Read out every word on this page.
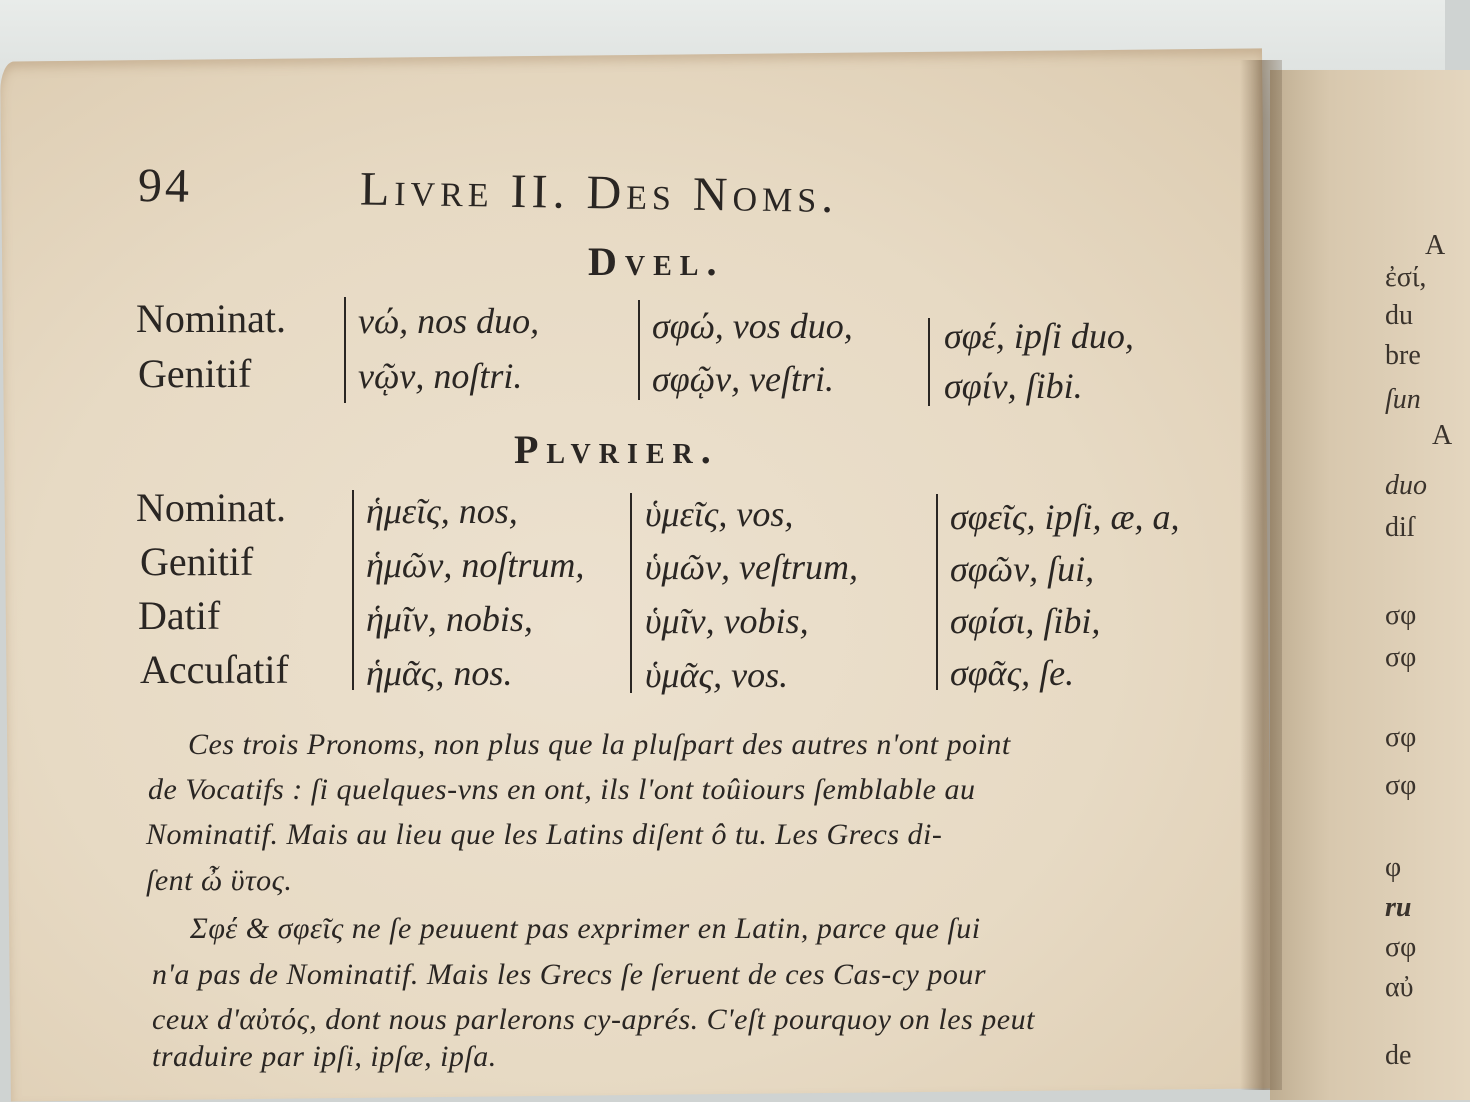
94	Livre II. Des Noms.
Dvel.
Nominat.
Genitif
νώ, nos duo,
νῷν, noſtri.
σφώ, vos duo,
σφῷν, veſtri.
σφέ, ipſi duo,
σφίν, ſibi.
Plvrier.
Nominat.
Genitif
Datif
Accuſatif
ἡμεῖς, nos,
ἡμῶν, noſtrum,
ἡμῖν, nobis,
ἡμᾶς, nos.
ὑμεῖς, vos,
ὑμῶν, veſtrum,
ὑμῖν, vobis,
ὑμᾶς, vos.
σφεῖς, ipſi, æ, a,
σφῶν, ſui,
σφίσι, ſibi,
σφᾶς, ſe.
Ces trois Pronoms, non plus que la pluſpart des autres n'ont point
de Vocatifs : ſi quelques-vns en ont, ils l'ont toûiours ſemblable au
Nominatif. Mais au lieu que les Latins diſent ô tu. Les Grecs di-
ſent ὦ ϋτος.
Σφέ & σφεῖς ne ſe peuuent pas exprimer en Latin, parce que ſui
n'a pas de Nominatif. Mais les Grecs ſe ſeruent de ces Cas-cy pour
ceux d'αὐτός, dont nous parlerons cy-aprés. C'eſt pourquoy on les peut
traduire par ipſi, ipſæ, ipſa.
A
ἐσί,
du
bre
ſun
A
duo
diſ
σφ
σφ
σφ
σφ
φ
ru
σφ
αὐ
de
